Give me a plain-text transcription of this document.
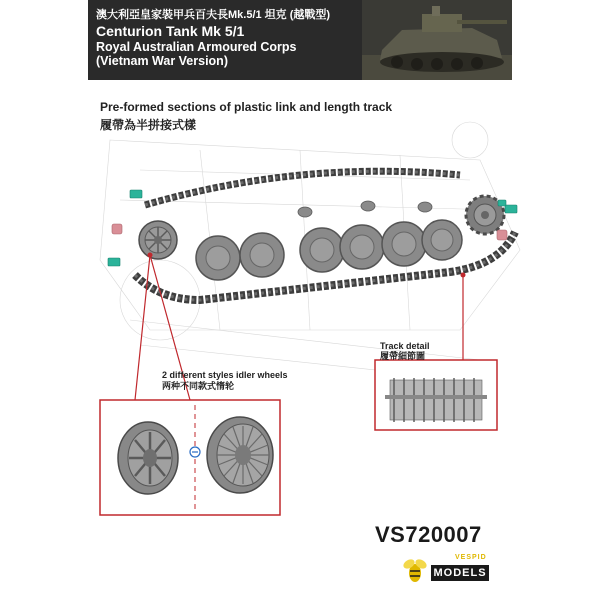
澳大利亞皇家裝甲兵百夫長Mk.5/1 坦克 (越戰型)
Centurion Tank Mk 5/1
Royal Australian Armoured Corps
(Vietnam War Version)
Pre-formed sections of plastic link and length track
履帶為半拼接式樣
Track detail
履帶細節圖
2 different styles idler wheels
两种不同款式惰轮
VS720007
VESPID
MODELS
